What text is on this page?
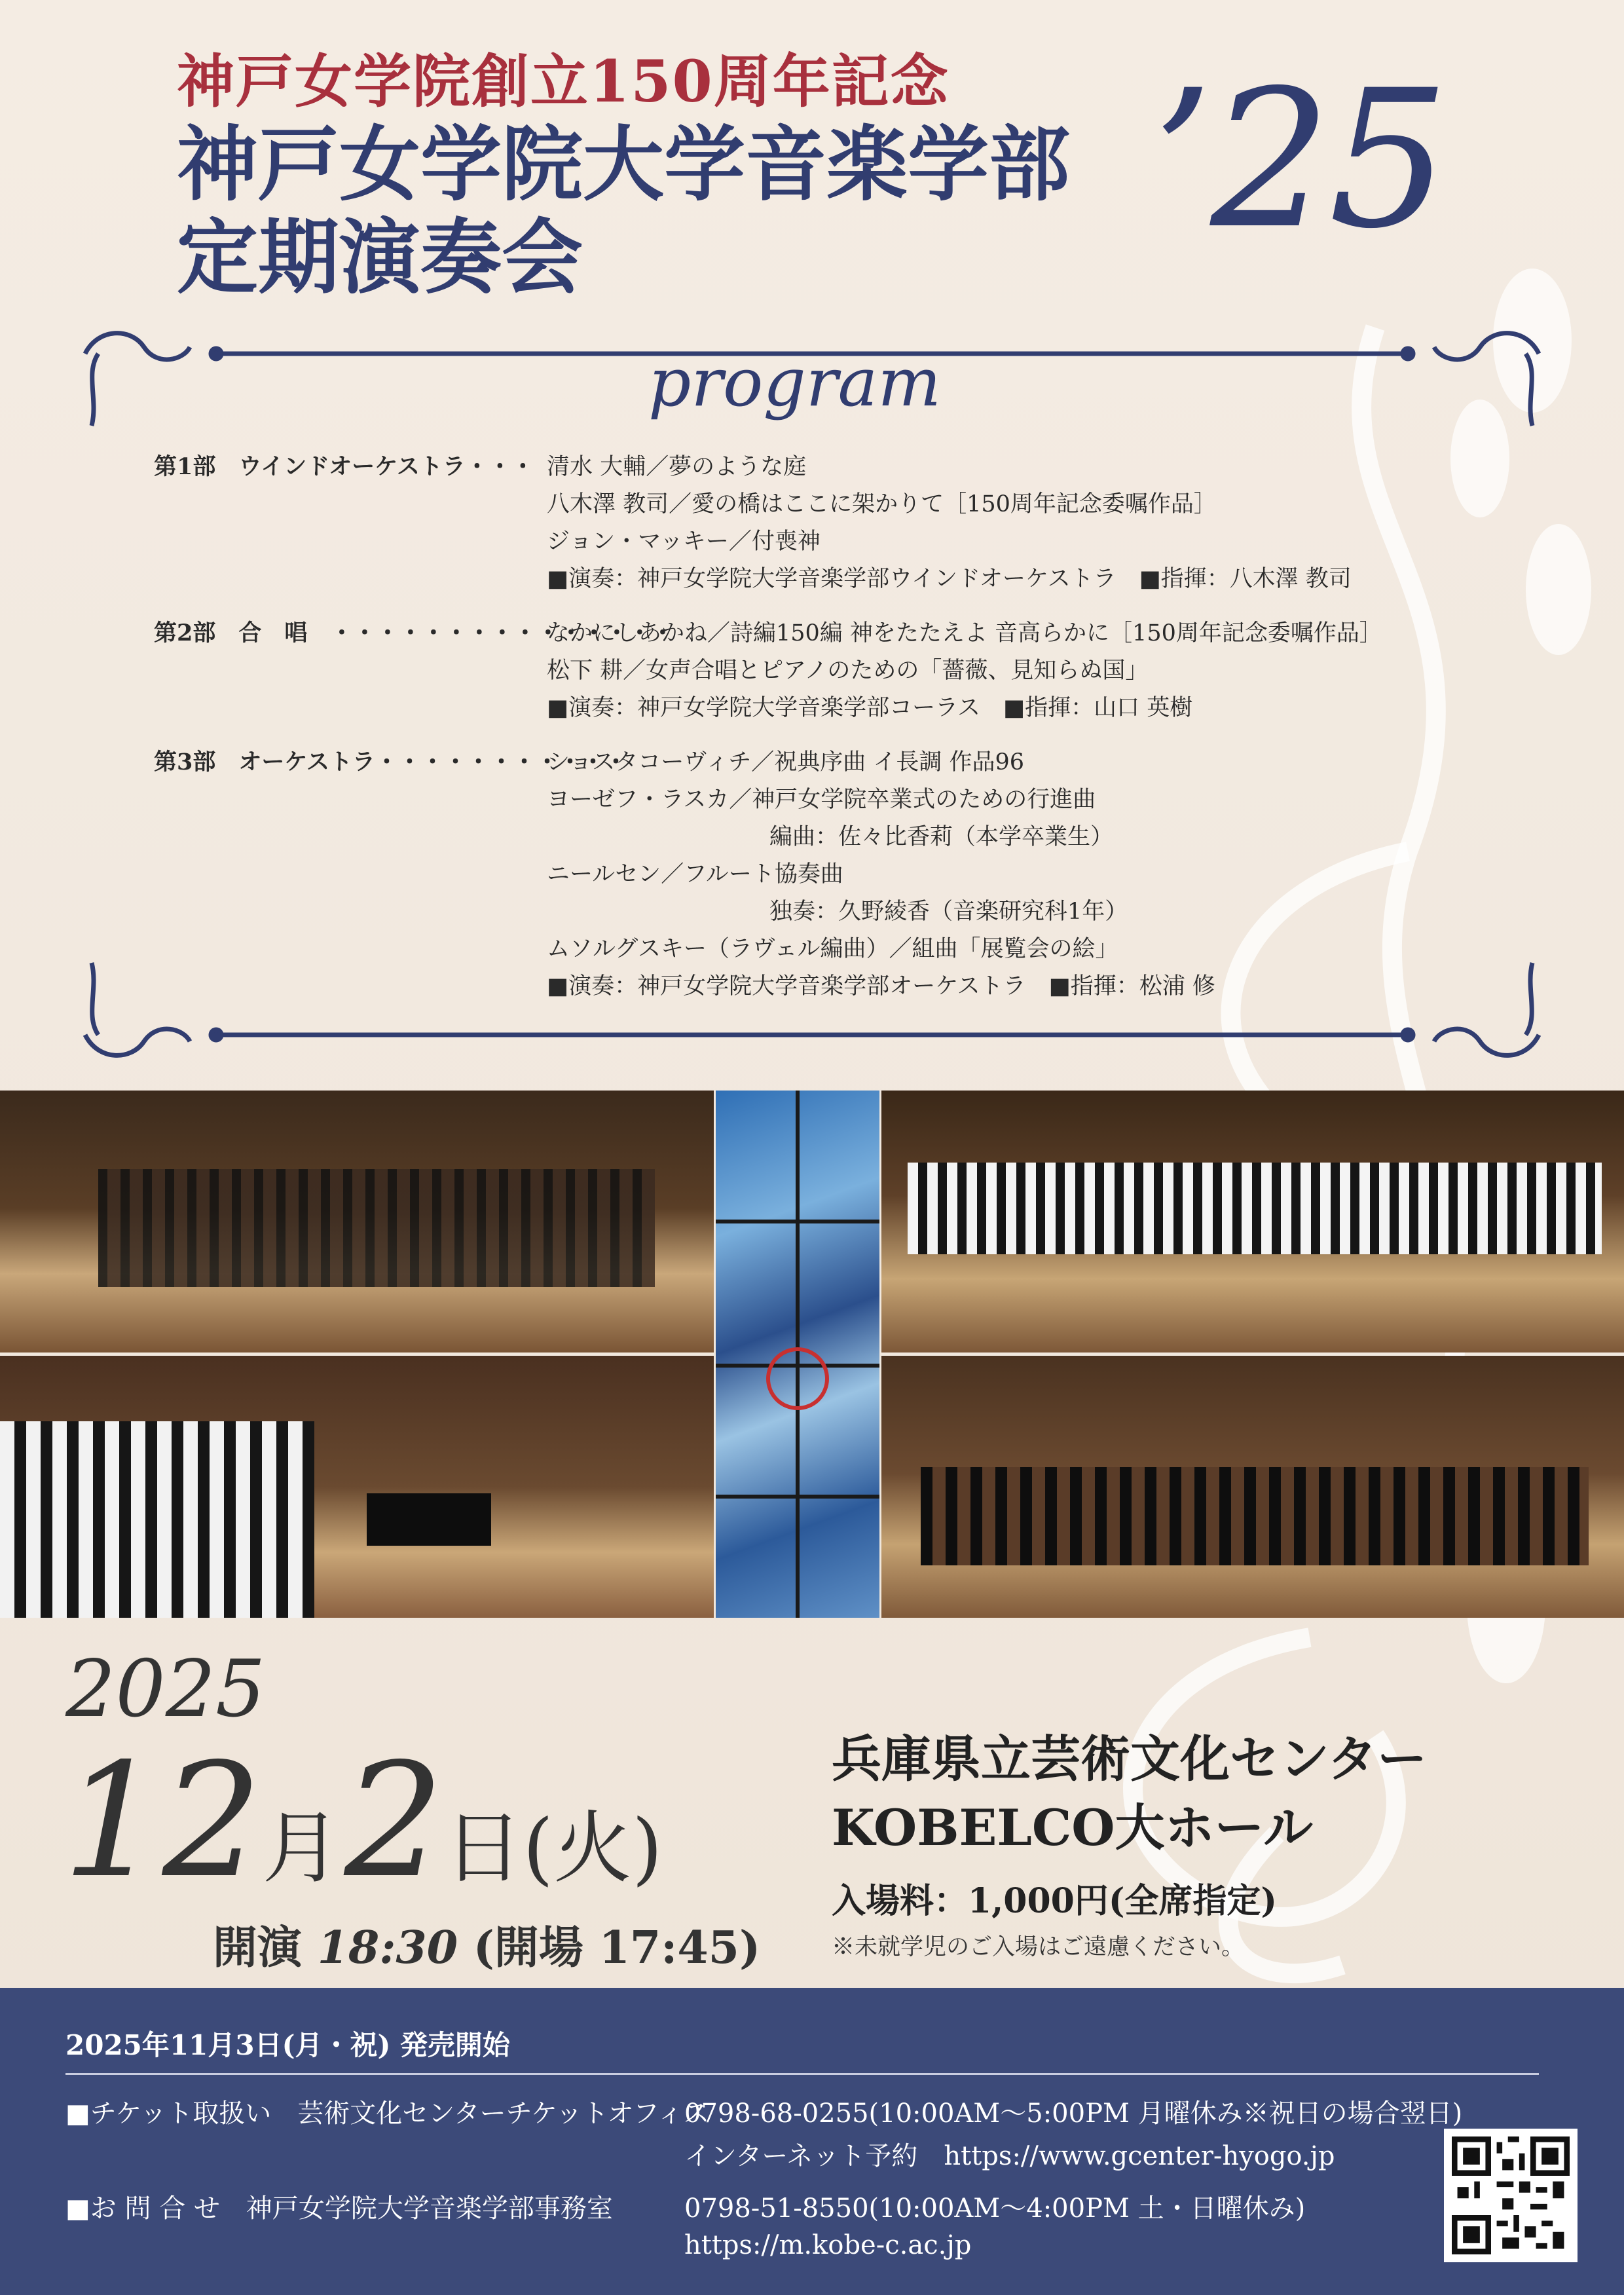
神戸女学院創立150周年記念
神戸女学院大学音楽学部
定期演奏会	’25
program
第1部　ウインドオーケストラ・・・ 清水 大輔／夢のような庭
八木澤 教司／愛の橋はここに架かりて［150周年記念委嘱作品］
ジョン・マッキー／付喪神
■演奏：神戸女学院大学音楽学部ウインドオーケストラ　■指揮：八木澤 教司
第2部　合　唱　・・・・・・・・・・・・・・・
なかにしあかね／詩編150編 神をたたえよ 音高らかに［150周年記念委嘱作品］
松下 耕／女声合唱とピアノのための「薔薇、見知らぬ国」
■演奏：神戸女学院大学音楽学部コーラス　■指揮：山口 英樹
第3部　オーケストラ・・・・・・・・・・・
ショスタコーヴィチ／祝典序曲 イ長調 作品96
ヨーゼフ・ラスカ／神戸女学院卒業式のための行進曲
編曲：佐々比香莉（本学卒業生）
ニールセン／フルート協奏曲
独奏：久野綾香（音楽研究科1年）
ムソルグスキー（ラヴェル編曲）／組曲「展覧会の絵」
■演奏：神戸女学院大学音楽学部オーケストラ　■指揮：松浦 修
2025
12月 2日(火)
開演 18:30 (開場 17:45)
兵庫県立芸術文化センター
KOBELCO大ホール
入場料：1,000円(全席指定)
※未就学児のご入場はご遠慮ください。
2025年11月3日(月・祝) 発売開始
■チケット取扱い　芸術文化センターチケットオフィス
0798-68-0255(10:00AM〜5:00PM 月曜休み※祝日の場合翌日)
インターネット予約　https://www.gcenter-hyogo.jp
■お 問 合 せ　神戸女学院大学音楽学部事務室	0798-51-8550(10:00AM〜4:00PM 土・日曜休み)
https://m.kobe-c.ac.jp
